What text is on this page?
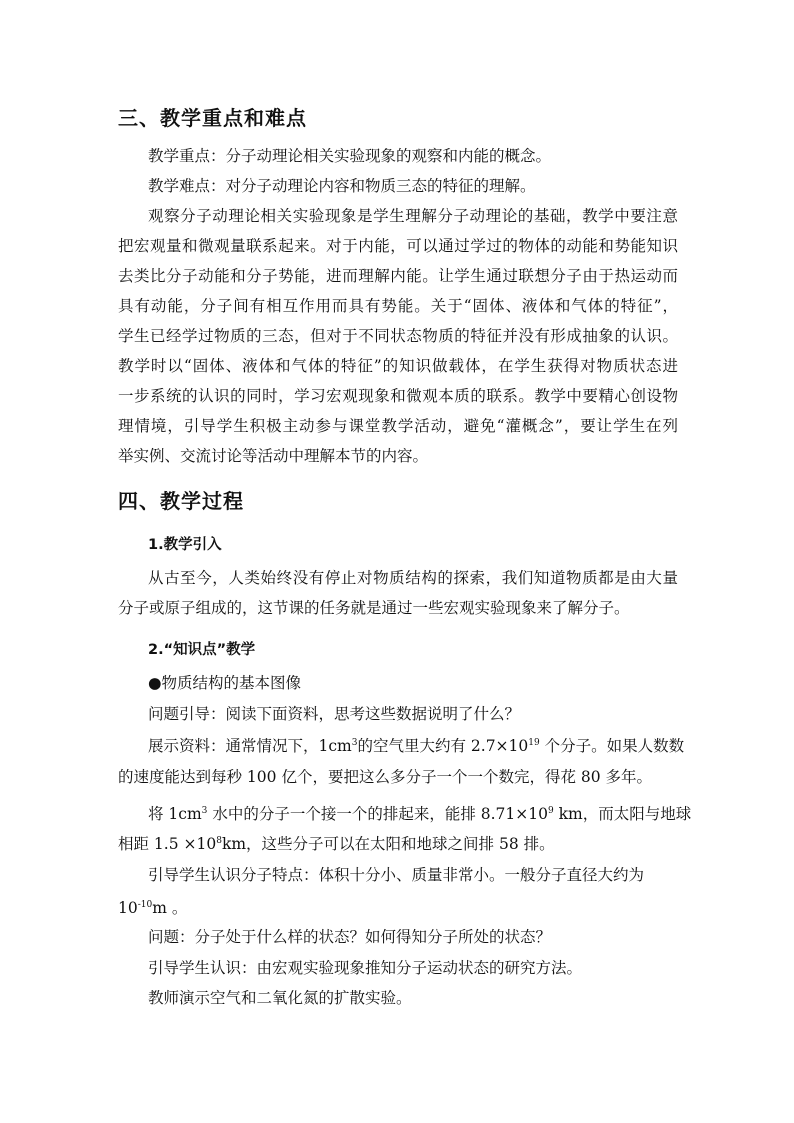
三、教学重点和难点
教学重点：分子动理论相关实验现象的观察和内能的概念。
教学难点：对分子动理论内容和物质三态的特征的理解。
观察分子动理论相关实验现象是学生理解分子动理论的基础，教学中要注意
把宏观量和微观量联系起来。对于内能，可以通过学过的物体的动能和势能知识
去类比分子动能和分子势能，进而理解内能。让学生通过联想分子由于热运动而
具有动能，分子间有相互作用而具有势能。关于“固体、液体和气体的特征”，
学生已经学过物质的三态，但对于不同状态物质的特征并没有形成抽象的认识。
教学时以“固体、液体和气体的特征”的知识做载体，在学生获得对物质状态进
一步系统的认识的同时，学习宏观现象和微观本质的联系。教学中要精心创设物
理情境，引导学生积极主动参与课堂教学活动，避免“灌概念”，要让学生在列
举实例、交流讨论等活动中理解本节的内容。
四、教学过程
1.教学引入
从古至今，人类始终没有停止对物质结构的探索，我们知道物质都是由大量
分子或原子组成的，这节课的任务就是通过一些宏观实验现象来了解分子。
2.“知识点”教学
●物质结构的基本图像
问题引导：阅读下面资料，思考这些数据说明了什么？
展示资料：通常情况下，$1cm^3$的空气里大约有 $2.7\times 10^{19}$ 个分子。如果人数数
的速度能达到每秒 100 亿个，要把这么多分子一个一个数完，得花 80 多年。
将 $1cm^3$ 水中的分子一个接一个的排起来，能排 $8.71\times 10^9$ km，而太阳与地球
相距 $1.5 \times 10^8km$，这些分子可以在太阳和地球之间排 58 排。
引导学生认识分子特点：体积十分小、质量非常小。一般分子直径大约为
$10^{-10}m$ 。
问题：分子处于什么样的状态？如何得知分子所处的状态？
引导学生认识：由宏观实验现象推知分子运动状态的研究方法。
教师演示空气和二氧化氮的扩散实验。
